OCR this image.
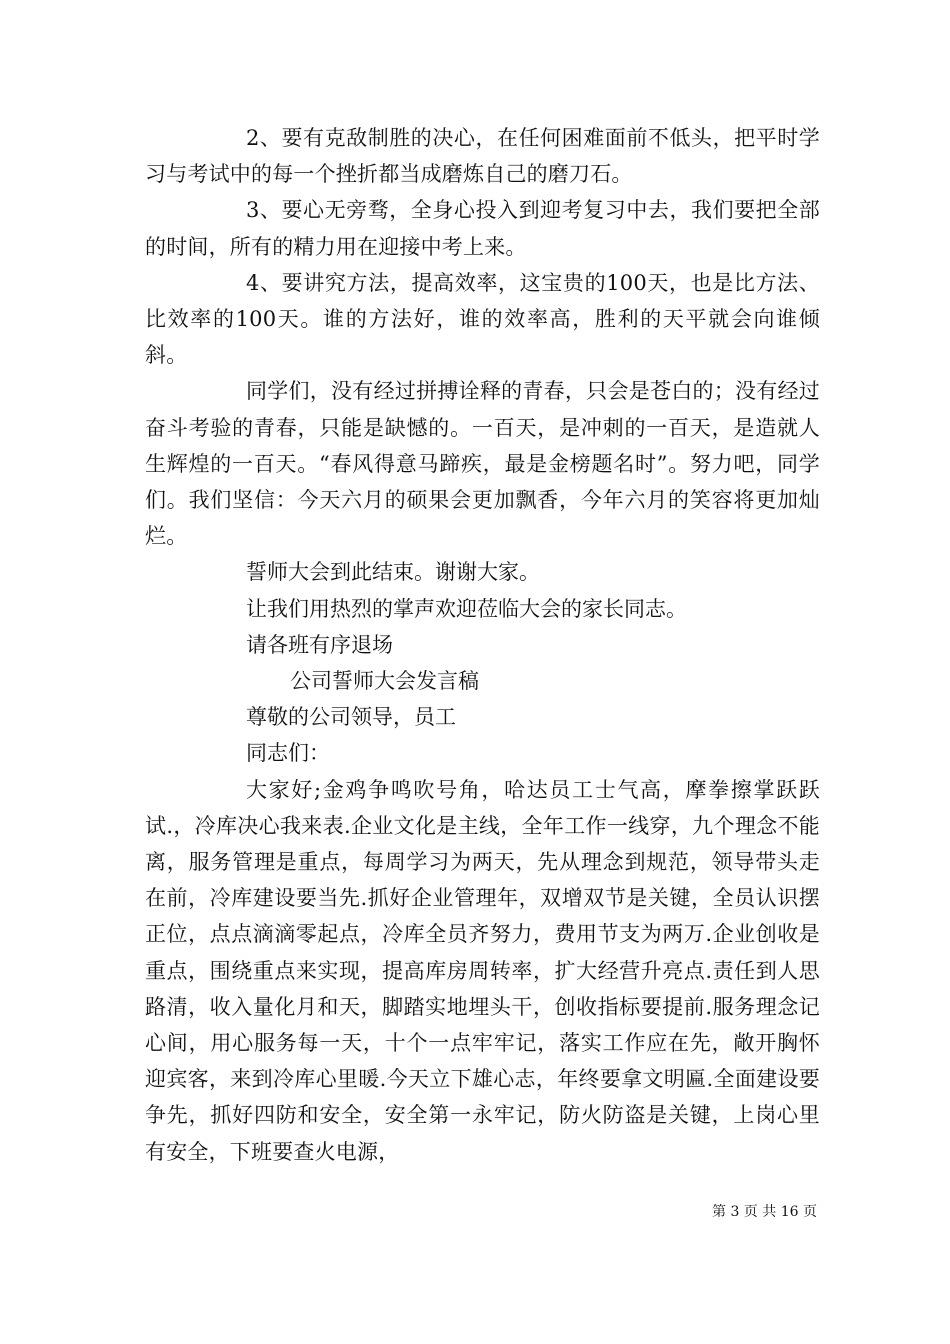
2、要有克敌制胜的决心，在任何困难面前不低头，把平时学习与考试中的每一个挫折都当成磨炼自己的磨刀石。

3、要心无旁骛，全身心投入到迎考复习中去，我们要把全部的时间，所有的精力用在迎接中考上来。

4、要讲究方法，提高效率，这宝贵的100天，也是比方法、比效率的100天。谁的方法好，谁的效率高，胜利的天平就会向谁倾斜。

同学们，没有经过拼搏诠释的青春，只会是苍白的；没有经过奋斗考验的青春，只能是缺憾的。一百天，是冲刺的一百天，是造就人生辉煌的一百天。“春风得意马蹄疾，最是金榜题名时”。努力吧，同学们。我们坚信：今天六月的硕果会更加飘香，今年六月的笑容将更加灿烂。

誓师大会到此结束。谢谢大家。

让我们用热烈的掌声欢迎莅临大会的家长同志。

请各班有序退场

公司誓师大会发言稿

尊敬的公司领导，员工

同志们：

大家好;金鸡争鸣吹号角，哈达员工士气高，摩拳擦掌跃跃试.，冷库决心我来表.企业文化是主线，全年工作一线穿，九个理念不能离，服务管理是重点，每周学习为两天，先从理念到规范，领导带头走在前，冷库建设要当先.抓好企业管理年，双增双节是关键，全员认识摆正位，点点滴滴零起点，冷库全员齐努力，费用节支为两万.企业创收是重点，围绕重点来实现，提高库房周转率，扩大经营升亮点.责任到人思路清，收入量化月和天，脚踏实地埋头干，创收指标要提前.服务理念记心间，用心服务每一天，十个一点牢牢记，落实工作应在先，敞开胸怀迎宾客，来到冷库心里暖.今天立下雄心志，年终要拿文明匾.全面建设要争先，抓好四防和安全，安全第一永牢记，防火防盗是关键，上岗心里有安全，下班要查火电源，

第 3 页 共 16 页
